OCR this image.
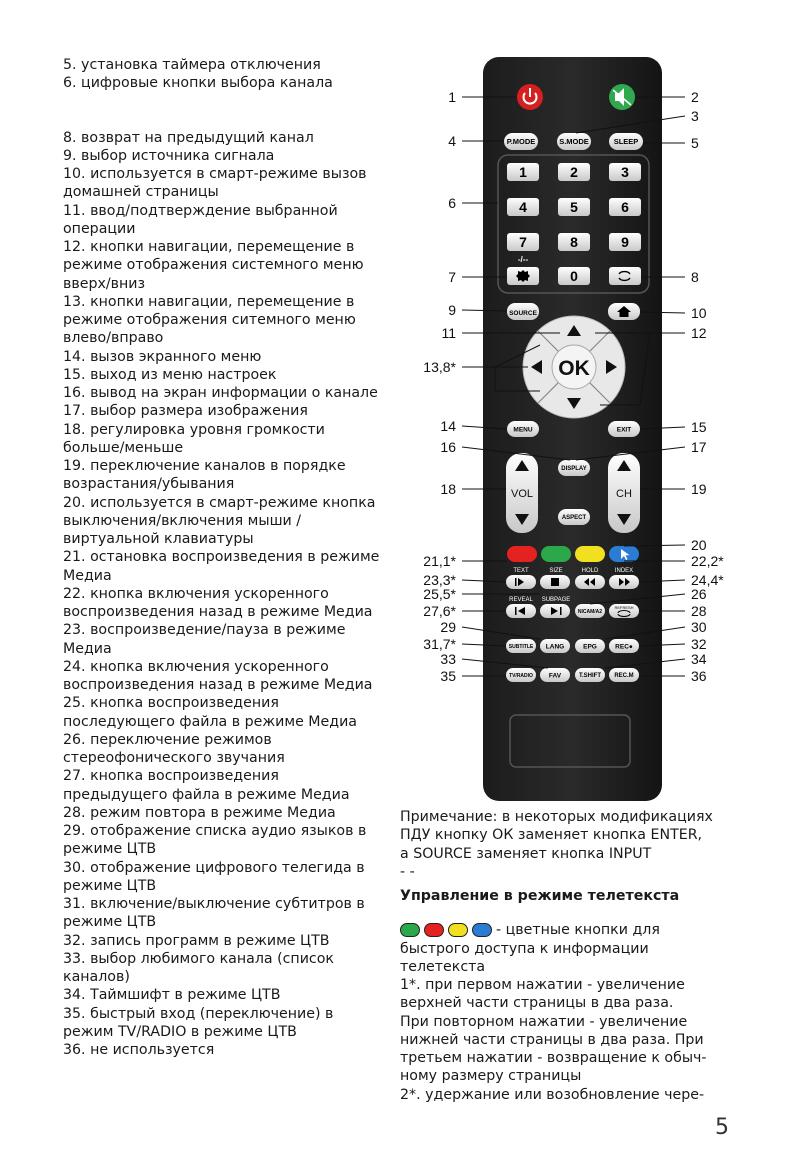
5. установка таймера отключения

6. цифровые кнопки выбора канала

8. возврат на предыдущий канал

9. выбор источника сигнала

10. используется в смарт-режиме вызов домашней страницы

11. ввод/подтверждение выбранной операции

12. кнопки навигации, перемещение в режиме отображения системного меню вверх/вниз

13. кнопки навигации, перемещение в режиме отображения ситемного меню влево/вправо

14. вызов экранного меню

15. выход из меню настроек

16. вывод на экран информации о канале

17. выбор размера изображения

18. регулировка уровня громкости больше/меньше

19. переключение каналов в порядке возрастания/убывания

20. используется в смарт-режиме кнопка выключения/включения мыши / виртуальной клавиатуры

21. остановка воспроизведения в режиме Медиа

22. кнопка включения ускоренного воспроизведения назад в режиме Медиа

23. воспроизведение/пауза в режиме Медиа

24. кнопка включения ускоренного воспроизведения назад в режиме Медиа

25. кнопка воспроизведения последующего файла в режиме Медиа

26. переключение режимов стереофонического звучания

27. кнопка воспроизведения предыдущего файла в режиме Медиа

28. режим повтора в режиме Медиа

29. отображение списка аудио языков в режиме ЦТВ

30. отображение цифрового телегида в режиме ЦТВ

31. включение/выключение субтитров в режиме ЦТВ

32. запись программ в режиме ЦТВ

33. выбор любимого канала (список каналов)

34. Таймшифт в режиме ЦТВ

35. быстрый вход (переключение) в режим TV/RADIO в режиме ЦТВ

36. не используется

P.MODE	S.MODE	SLEEP
1	2	3
4	5	6
7	8	9
-/--
0
SOURCE
OK
MENU	EXIT
DISPLAY
ASPECT
VOL	CH
TEXT	SIZE	HOLD	INDEX
REVEAL SUBPAGE
NICAM/A2
REFRESH
LANG	EPG
SUBTITLE	REC●
TV/RADIO FAV	T.SHIFT REC.M
1
4
6
7
9
11
13,8*
14
16
18
21,1*
23,3*
25,5*
27,6*
29
31,7*
33
35
2
3
5
8
10
12
15
17
19
20
22,2*
24,4*
26
28
30
32
34
36

Примечание: в некоторых модификациях

ПДУ кнопку ОК заменяет кнопка ENTER,

а SOURCE заменяет кнопка INPUT

- -

Управление в режиме телетекста

- цветные кнопки для

быстрого доступа к информации

телетекста

1*. при первом нажатии - увеличение

верхней части страницы в два раза.

При повторном нажатии - увеличение

нижней части страницы в два раза. При

третьем нажатии - возвращение к обыч-

ному размеру страницы

2*. удержание или возобновление чере-

5
